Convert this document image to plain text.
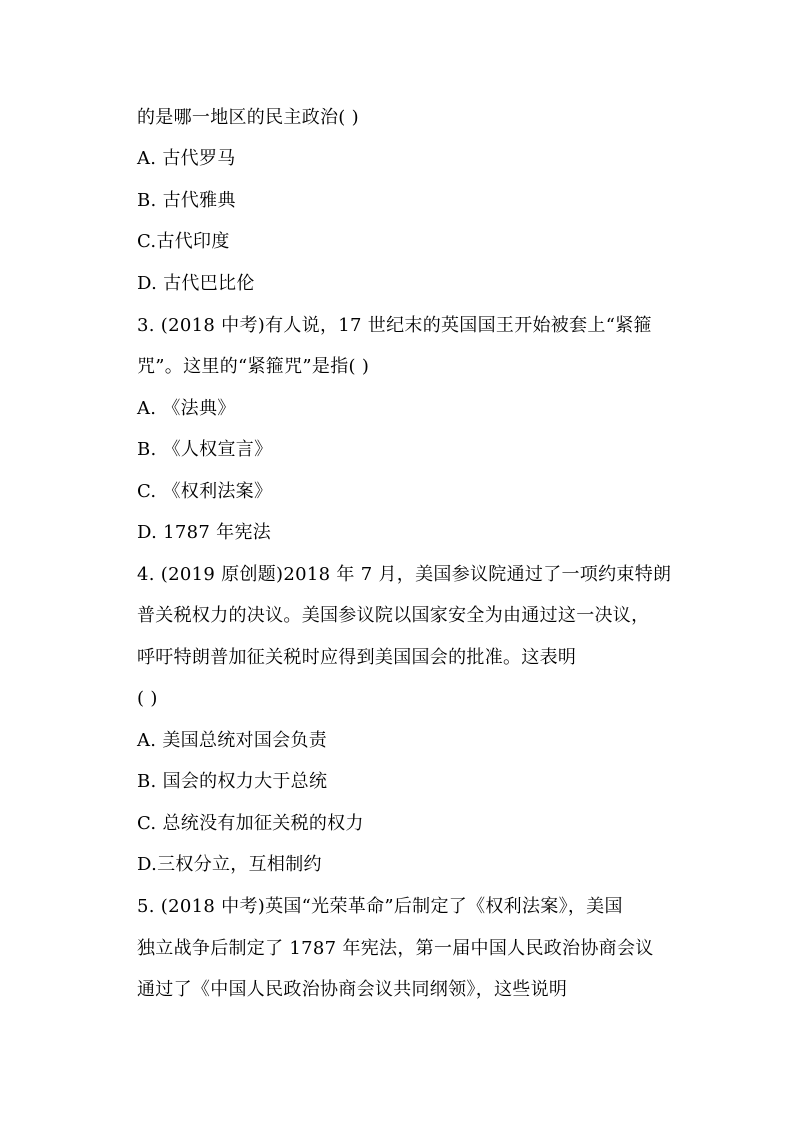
的是哪一地区的民主政治( )
A. 古代罗马
B. 古代雅典
C.古代印度
D. 古代巴比伦
3. (2018 中考)有人说，17 世纪末的英国国王开始被套上“紧箍
咒”。这里的“紧箍咒”是指( )
A. 《法典》
B. 《人权宣言》
C. 《权利法案》
D. 1787 年宪法
4. (2019 原创题)2018 年 7 月，美国参议院通过了一项约束特朗
普关税权力的决议。美国参议院以国家安全为由通过这一决议，
呼吁特朗普加征关税时应得到美国国会的批准。这表明
( )
A. 美国总统对国会负责
B. 国会的权力大于总统
C. 总统没有加征关税的权力
D.三权分立，互相制约
5. (2018 中考)英国“光荣革命”后制定了《权利法案》，美国
独立战争后制定了 1787 年宪法，第一届中国人民政治协商会议
通过了《中国人民政治协商会议共同纲领》，这些说明
